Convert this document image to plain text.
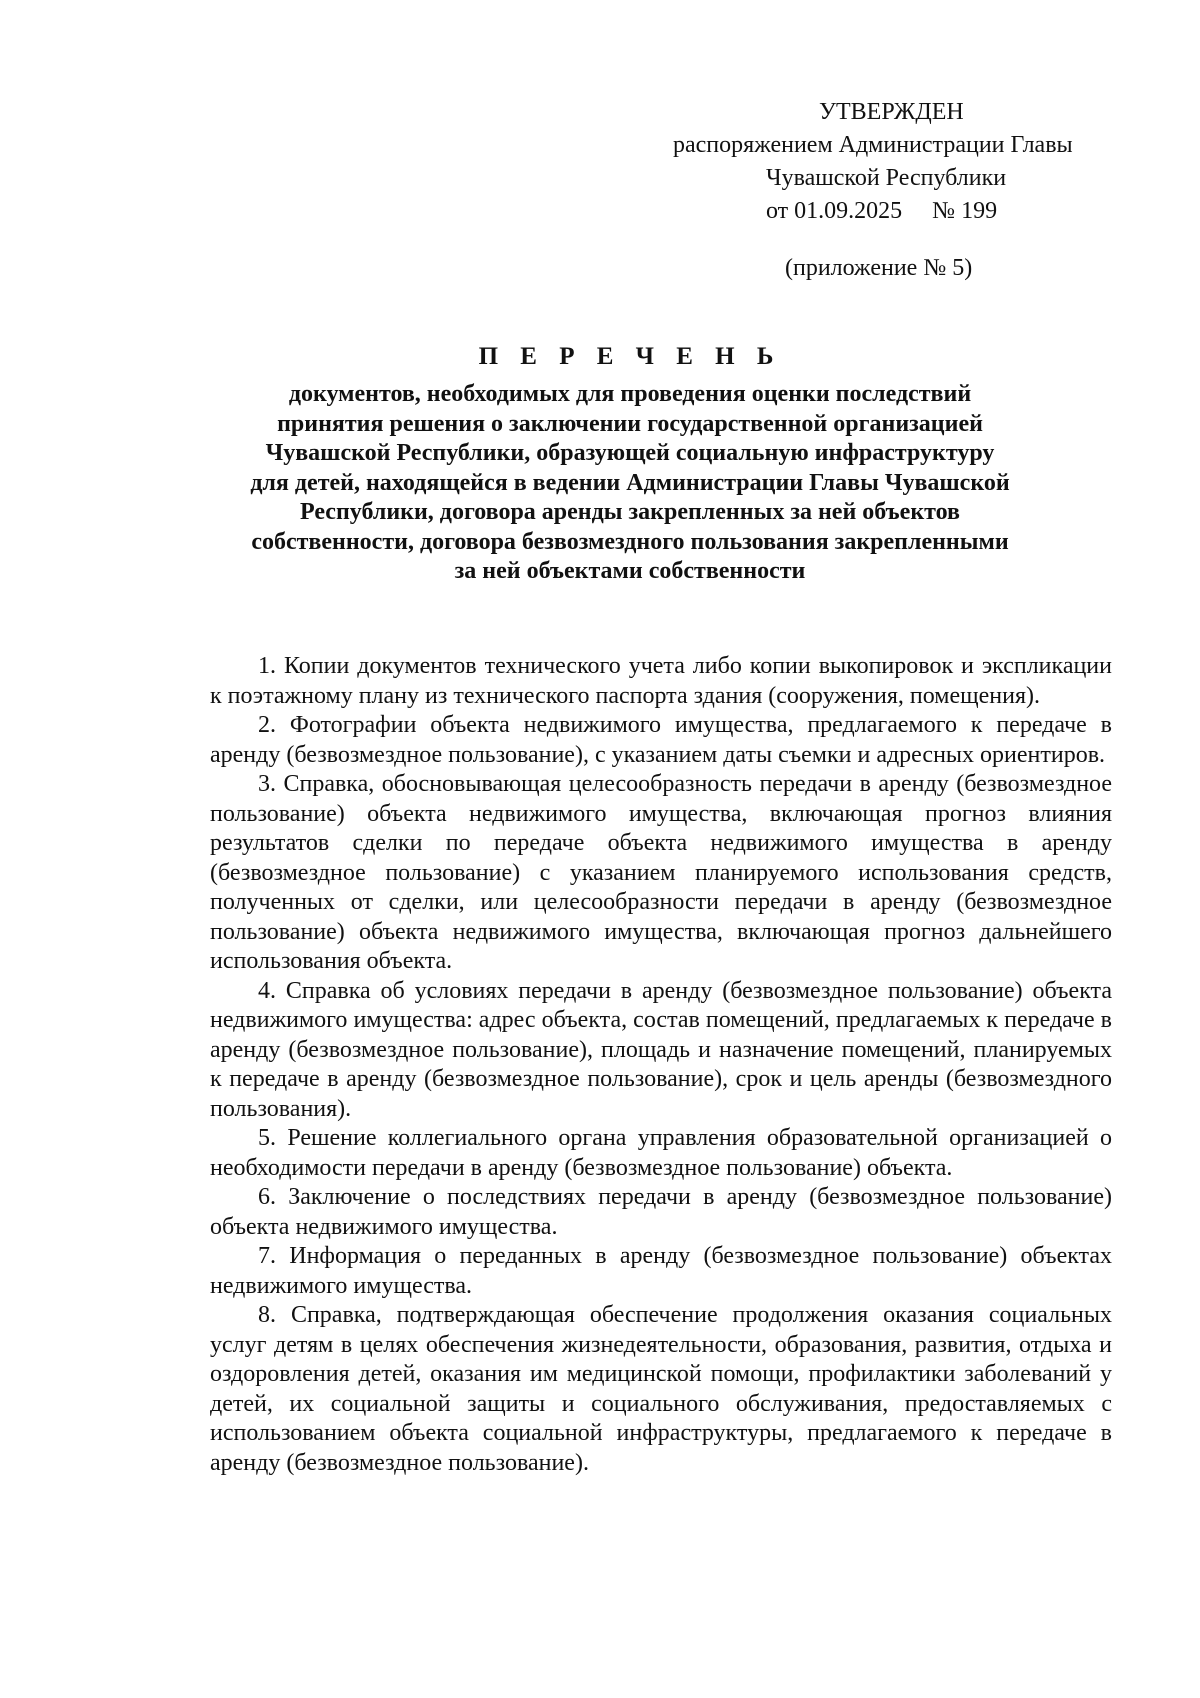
УТВЕРЖДЕН
распоряжением Администрации Главы
Чувашской Республики
от 01.09.2025 № 199
(приложение № 5)
П Е Р Е Ч Е Н Ь
документов, необходимых для проведения оценки последствий
принятия решения о заключении государственной организацией
Чувашской Республики, образующей социальную инфраструктуру
для детей, находящейся в ведении Администрации Главы Чувашской
Республики, договора аренды закрепленных за ней объектов
собственности, договора безвозмездного пользования закрепленными
за ней объектами собственности

1. Копии документов технического учета либо копии выкопировок и экспликации к поэтажному плану из технического паспорта здания (сооружения, помещения).

2. Фотографии объекта недвижимого имущества, предлагаемого к передаче в аренду (безвозмездное пользование), с указанием даты съемки и адресных ориентиров.

3. Справка, обосновывающая целесообразность передачи в аренду (безвозмездное пользование) объекта недвижимого имущества, включающая прогноз влияния результатов сделки по передаче объекта недвижимого имущества в аренду (безвозмездное пользование) с указанием планируемого использования средств, полученных от сделки, или целесообразности передачи в аренду (безвозмездное пользование) объекта недвижимого имущества, включающая прогноз дальнейшего использования объекта.

4. Справка об условиях передачи в аренду (безвозмездное пользование) объекта недвижимого имущества: адрес объекта, состав помещений, предлагаемых к передаче в аренду (безвозмездное пользование), площадь и назначение помещений, планируемых к передаче в аренду (безвозмездное пользование), срок и цель аренды (безвозмездного пользования).

5. Решение коллегиального органа управления образовательной организацией о необходимости передачи в аренду (безвозмездное пользование) объекта.

6. Заключение о последствиях передачи в аренду (безвозмездное пользование) объекта недвижимого имущества.

7. Информация о переданных в аренду (безвозмездное пользование) объектах недвижимого имущества.

8. Справка, подтверждающая обеспечение продолжения оказания социальных услуг детям в целях обеспечения жизнедеятельности, образования, развития, отдыха и оздоровления детей, оказания им медицинской помощи, профилактики заболеваний у детей, их социальной защиты и социального обслуживания, предоставляемых с использованием объекта социальной инфраструктуры, предлагаемого к передаче в аренду (безвозмездное пользование).
